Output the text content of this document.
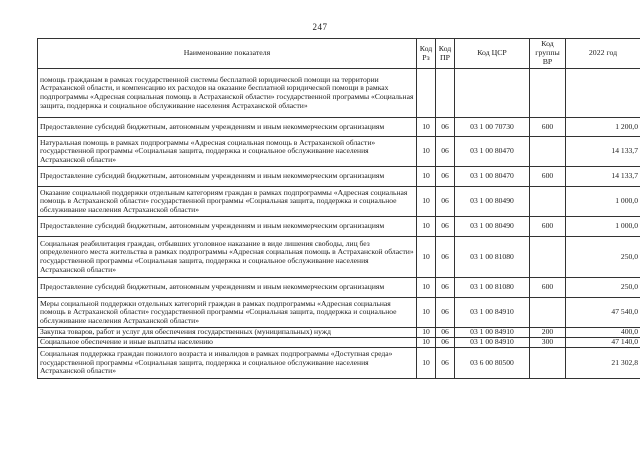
247
Наименование показателя	Код Рз	Код ПР	Код ЦСР	Код группы ВР	2022 год
помощь гражданам в рамках государственной системы бесплатной юридической помощи на территории Астраханской области, и компенсацию их расходов на оказание бесплатной юридической помощи в рамках подпрограммы «Адресная социальная помощь в Астраханской области» государственной программы «Социальная защита, поддержка и социальное обслуживание населения Астраханской области»					
Предоставление субсидий бюджетным, автономным учреждениям и иным некоммерческим организациям	10	06	03 1 00 70730	600	1 200,0
Натуральная помощь в рамках подпрограммы «Адресная социальная помощь в Астраханской области» государственной программы «Социальная защита, поддержка и социальное обслуживание населения Астраханской области»	10	06	03 1 00 80470		14 133,7
Предоставление субсидий бюджетным, автономным учреждениям и иным некоммерческим организациям	10	06	03 1 00 80470	600	14 133,7
Оказание социальной поддержки отдельным категориям граждан в рамках подпрограммы «Адресная социальная помощь в Астраханской области» государственной программы «Социальная защита, поддержка и социальное обслуживание населения Астраханской области»	10	06	03 1 00 80490		1 000,0
Предоставление субсидий бюджетным, автономным учреждениям и иным некоммерческим организациям	10	06	03 1 00 80490	600	1 000,0
Социальная реабилитация граждан, отбывших уголовное наказание в виде лишения свободы, лиц без определенного места жительства в рамках подпрограммы «Адресная социальная помощь в Астраханской области» государственной программы «Социальная защита, поддержка и социальное обслуживание населения Астраханской области»	10	06	03 1 00 81080		250,0
Предоставление субсидий бюджетным, автономным учреждениям и иным некоммерческим организациям	10	06	03 1 00 81080	600	250,0
Меры социальной поддержки отдельных категорий граждан в рамках подпрограммы «Адресная социальная помощь в Астраханской области» государственной программы «Социальная защита, поддержка и социальное обслуживание населения Астраханской области»	10	06	03 1 00 84910		47 540,0
Закупка товаров, работ и услуг для обеспечения государственных (муниципальных) нужд	10	06	03 1 00 84910	200	400,0
Социальное обеспечение и иные выплаты населению	10	06	03 1 00 84910	300	47 140,0
Социальная поддержка граждан пожилого возраста и инвалидов в рамках подпрограммы «Доступная среда» государственной программы «Социальная защита, поддержка и социальное обслуживание населения Астраханской области»	10	06	03 6 00 80500		21 302,8
